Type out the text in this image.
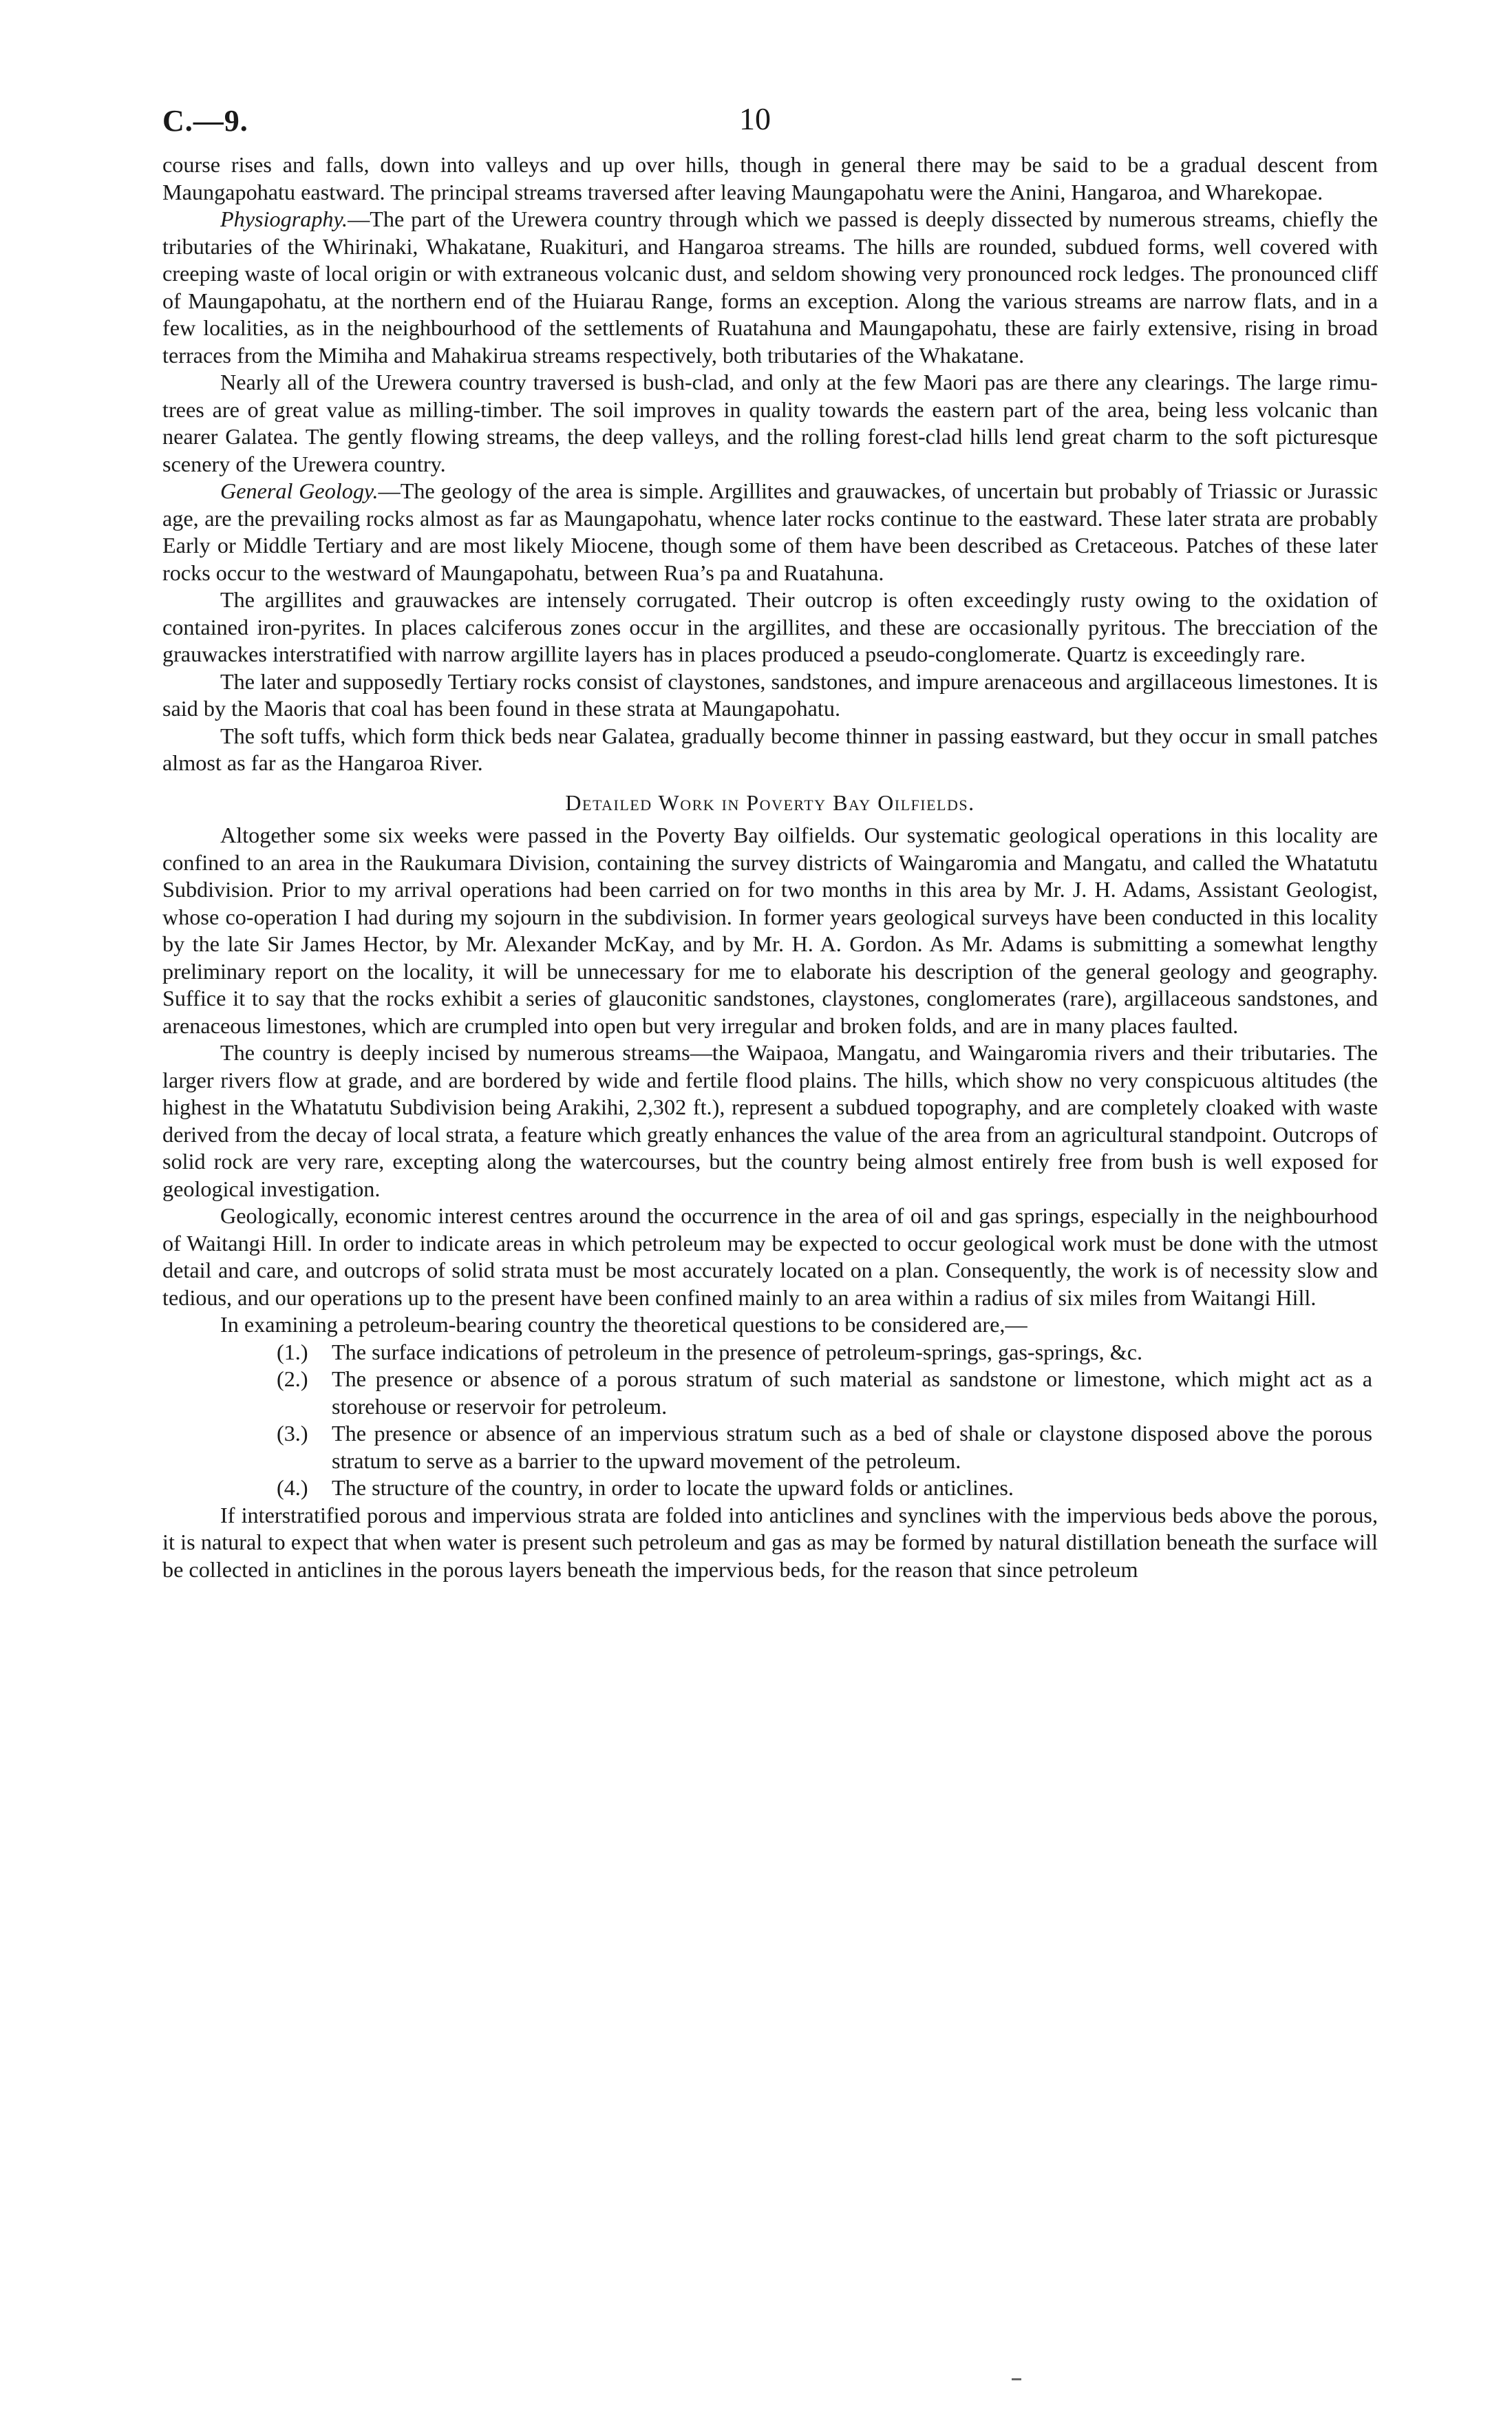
C.—9.	10

course rises and falls, down into valleys and up over hills, though in general there may be said to be a gradual descent from Maungapohatu eastward. The principal streams traversed after leaving Maungapohatu were the Anini, Hangaroa, and Wharekopae.

Physiography.—The part of the Urewera country through which we passed is deeply dissected by numerous streams, chiefly the tributaries of the Whirinaki, Whakatane, Ruakituri, and Hangaroa streams. The hills are rounded, subdued forms, well covered with creeping waste of local origin or with extraneous volcanic dust, and seldom showing very pronounced rock ledges. The pronounced cliff of Maungapohatu, at the northern end of the Huiarau Range, forms an exception. Along the various streams are narrow flats, and in a few localities, as in the neighbourhood of the settlements of Ruatahuna and Maungapohatu, these are fairly extensive, rising in broad terraces from the Mimiha and Mahakirua streams respectively, both tributaries of the Whakatane.

Nearly all of the Urewera country traversed is bush-clad, and only at the few Maori pas are there any clearings. The large rimu-trees are of great value as milling-timber. The soil improves in quality towards the eastern part of the area, being less volcanic than nearer Galatea. The gently flowing streams, the deep valleys, and the rolling forest-clad hills lend great charm to the soft picturesque scenery of the Urewera country.

General Geology.—The geology of the area is simple. Argillites and grauwackes, of uncertain but probably of Triassic or Jurassic age, are the prevailing rocks almost as far as Maungapohatu, whence later rocks continue to the eastward. These later strata are probably Early or Middle Tertiary and are most likely Miocene, though some of them have been described as Cretaceous. Patches of these later rocks occur to the westward of Maungapohatu, between Rua’s pa and Ruatahuna.

The argillites and grauwackes are intensely corrugated. Their outcrop is often exceedingly rusty owing to the oxidation of contained iron-pyrites. In places calciferous zones occur in the argillites, and these are occasionally pyritous. The brecciation of the grauwackes interstratified with narrow argillite layers has in places produced a pseudo-conglomerate. Quartz is exceedingly rare.

The later and supposedly Tertiary rocks consist of claystones, sandstones, and impure arenaceous and argillaceous limestones. It is said by the Maoris that coal has been found in these strata at Maungapohatu.

The soft tuffs, which form thick beds near Galatea, gradually become thinner in passing eastward, but they occur in small patches almost as far as the Hangaroa River.

Detailed Work in Poverty Bay Oilfields.

Altogether some six weeks were passed in the Poverty Bay oilfields. Our systematic geological operations in this locality are confined to an area in the Raukumara Division, containing the survey districts of Waingaromia and Mangatu, and called the Whatatutu Subdivision. Prior to my arrival operations had been carried on for two months in this area by Mr. J. H. Adams, Assistant Geologist, whose co-operation I had during my sojourn in the subdivision. In former years geological surveys have been conducted in this locality by the late Sir James Hector, by Mr. Alexander McKay, and by Mr. H. A. Gordon. As Mr. Adams is submitting a somewhat lengthy preliminary report on the locality, it will be unnecessary for me to elaborate his description of the general geology and geography. Suffice it to say that the rocks exhibit a series of glauconitic sandstones, claystones, conglomerates (rare), argillaceous sandstones, and arenaceous limestones, which are crumpled into open but very irregular and broken folds, and are in many places faulted.

The country is deeply incised by numerous streams—the Waipaoa, Mangatu, and Waingaromia rivers and their tributaries. The larger rivers flow at grade, and are bordered by wide and fertile flood plains. The hills, which show no very conspicuous altitudes (the highest in the Whatatutu Subdivision being Arakihi, 2,302 ft.), represent a subdued topography, and are completely cloaked with waste derived from the decay of local strata, a feature which greatly enhances the value of the area from an agricultural standpoint. Outcrops of solid rock are very rare, excepting along the watercourses, but the country being almost entirely free from bush is well exposed for geological investigation.

Geologically, economic interest centres around the occurrence in the area of oil and gas springs, especially in the neighbourhood of Waitangi Hill. In order to indicate areas in which petroleum may be expected to occur geological work must be done with the utmost detail and care, and outcrops of solid strata must be most accurately located on a plan. Consequently, the work is of necessity slow and tedious, and our operations up to the present have been confined mainly to an area within a radius of six miles from Waitangi Hill.

In examining a petroleum-bearing country the theoretical questions to be considered are,—

(1.) The surface indications of petroleum in the presence of petroleum-springs, gas-springs, &c.
(2.) The presence or absence of a porous stratum of such material as sandstone or limestone, which might act as a storehouse or reservoir for petroleum.
(3.) The presence or absence of an impervious stratum such as a bed of shale or claystone disposed above the porous stratum to serve as a barrier to the upward movement of the petroleum.
(4.) The structure of the country, in order to locate the upward folds or anticlines.

If interstratified porous and impervious strata are folded into anticlines and synclines with the impervious beds above the porous, it is natural to expect that when water is present such petroleum and gas as may be formed by natural distillation beneath the surface will be collected in anticlines in the porous layers beneath the impervious beds, for the reason that since petroleum
